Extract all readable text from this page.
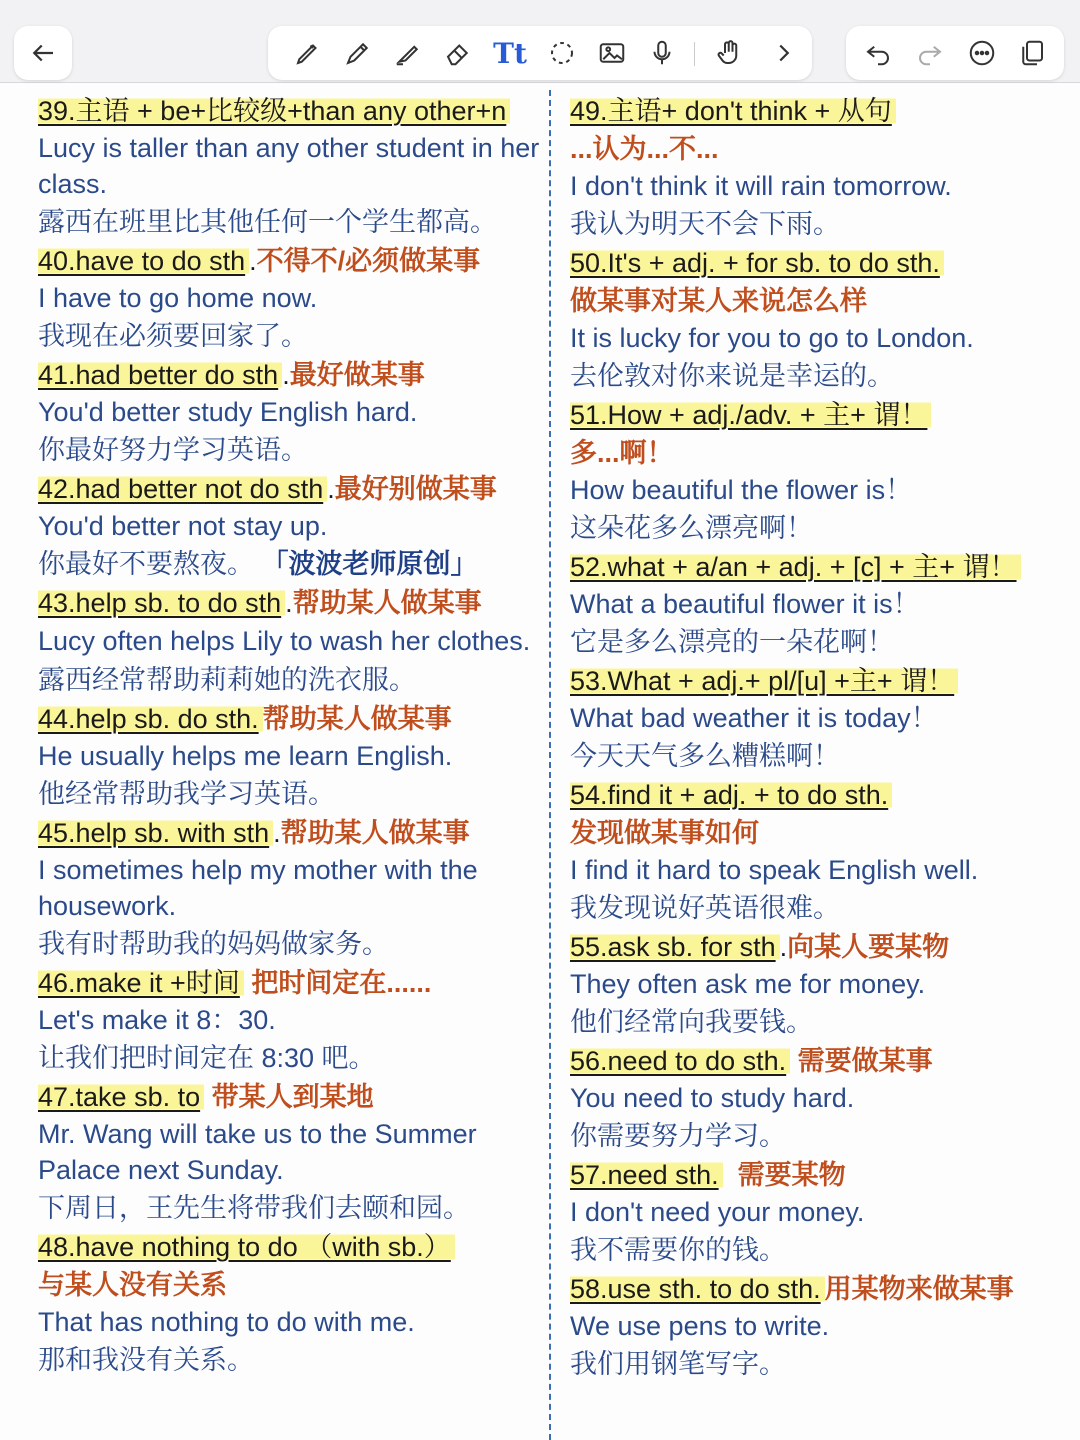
Tt
39.主语 + be+比较级+than any other+n
Lucy is taller than any other student in her class.
露西在班里比其他任何一个学生都高。
40.have to do sth .不得不/必须做某事
I have to go home now.
我现在必须要回家了。
41.had better do sth .最好做某事
You'd better study English hard.
你最好努力学习英语。
42.had better not do sth .最好别做某事
You'd better not stay up.
你最好不要熬夜。 「波波老师原创」
43.help sb. to do sth .帮助某人做某事
Lucy often helps Lily to wash her clothes.露西经常帮助莉莉她的洗衣服。
44.help sb. do sth. 帮助某人做某事
He usually helps me learn English.
他经常帮助我学习英语。
45.help sb. with sth .帮助某人做某事
I sometimes help my mother with the housework.
我有时帮助我的妈妈做家务。
46.make it +时间 把时间定在......
Let's make it 8：30.
让我们把时间定在 8:30 吧。
47.take sb. to 带某人到某地
Mr. Wang will take us to the Summer Palace next Sunday.
下周日，王先生将带我们去颐和园。
48.have nothing to do （with sb.）
与某人没有关系
That has nothing to do with me.
那和我没有关系。
49.主语+ don't think + 从句
...认为...不...
I don't think it will rain tomorrow.
我认为明天不会下雨。
50.It's + adj. + for sb. to do sth.
做某事对某人来说怎么样
It is lucky for you to go to London.
去伦敦对你来说是幸运的。
51.How + adj./adv. + 主+ 谓！
多...啊！
How beautiful the flower is！
这朵花多么漂亮啊！
52.what + a/an + adj. + [c] + 主+ 谓！
What a beautiful flower it is！
它是多么漂亮的一朵花啊！
53.What + adj.+ pl/[u] +主+ 谓！
What bad weather it is today！
今天天气多么糟糕啊！
54.find it + adj. + to do sth.
发现做某事如何
I find it hard to speak English well.
我发现说好英语很难。
55.ask sb. for sth .向某人要某物
They often ask me for money.
他们经常向我要钱。
56.need to do sth. 需要做某事
You need to study hard.
你需要努力学习。
57.need sth.  需要某物
I don't need your money.
我不需要你的钱。
58.use sth. to do sth. 用某物来做某事
We use pens to write.
我们用钢笔写字。
